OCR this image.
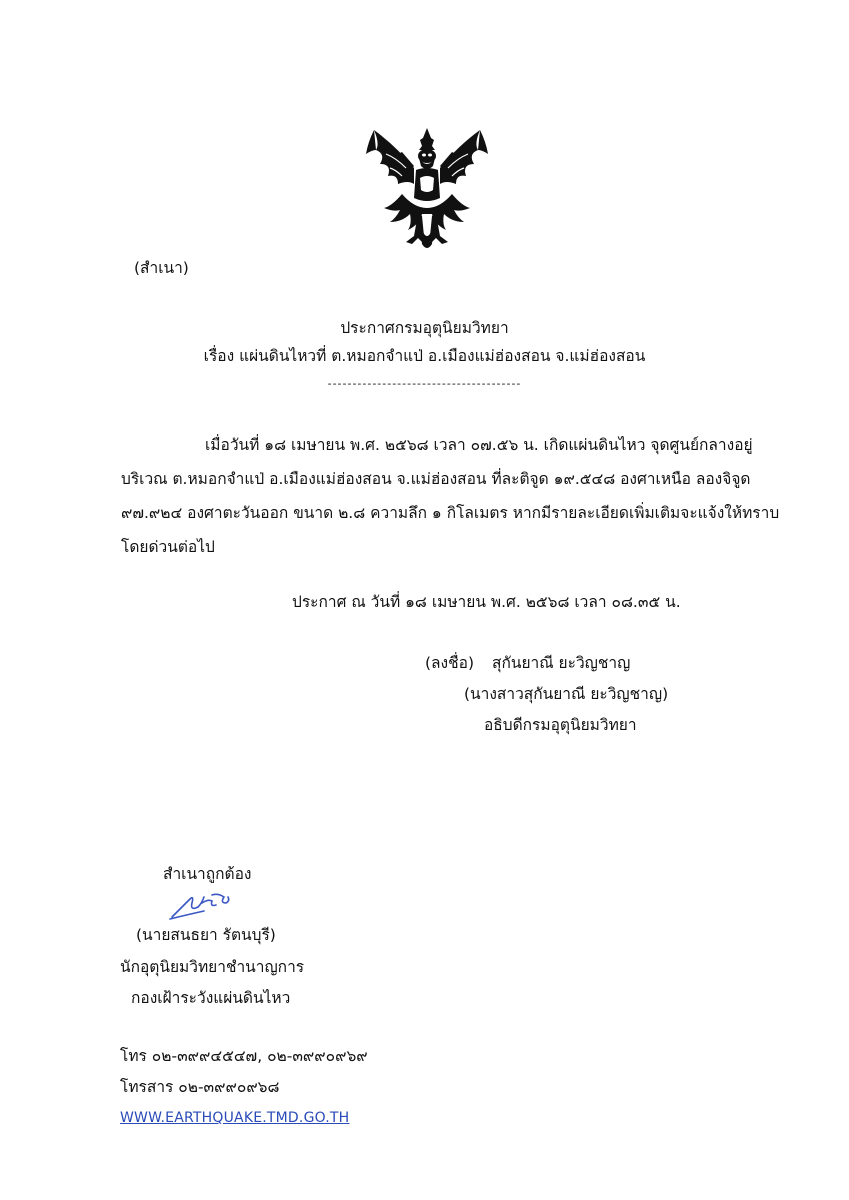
(สำเนา)
ประกาศกรมอุตุนิยมวิทยา
เรื่อง แผ่นดินไหวที่ ต.หมอกจำแป่ อ.เมืองแม่ฮ่องสอน จ.แม่ฮ่องสอน
---------------------------------------
เมื่อวันที่ ๑๘ เมษายน พ.ศ. ๒๕๖๘ เวลา ๐๗.๕๖ น. เกิดแผ่นดินไหว จุดศูนย์กลางอยู่
บริเวณ ต.หมอกจำแป่ อ.เมืองแม่ฮ่องสอน จ.แม่ฮ่องสอน ที่ละติจูด ๑๙.๕๔๘ องศาเหนือ ลองจิจูด
๙๗.๙๒๔ องศาตะวันออก ขนาด ๒.๘ ความลึก ๑ กิโลเมตร หากมีรายละเอียดเพิ่มเติมจะแจ้งให้ทราบ
โดยด่วนต่อไป
ประกาศ ณ วันที่ ๑๘ เมษายน พ.ศ. ๒๕๖๘ เวลา ๐๘.๓๕ น.
(ลงชื่อ) สุกันยาณี ยะวิญชาญ
(นางสาวสุกันยาณี ยะวิญชาญ)
อธิบดีกรมอุตุนิยมวิทยา
สำเนาถูกต้อง
(นายสนธยา รัตนบุรี)
นักอุตุนิยมวิทยาชำนาญการ
กองเฝ้าระวังแผ่นดินไหว
โทร ๐๒-๓๙๙๔๕๔๗, ๐๒-๓๙๙๐๙๖๙
โทรสาร ๐๒-๓๙๙๐๙๖๘
WWW.EARTHQUAKE.TMD.GO.TH
